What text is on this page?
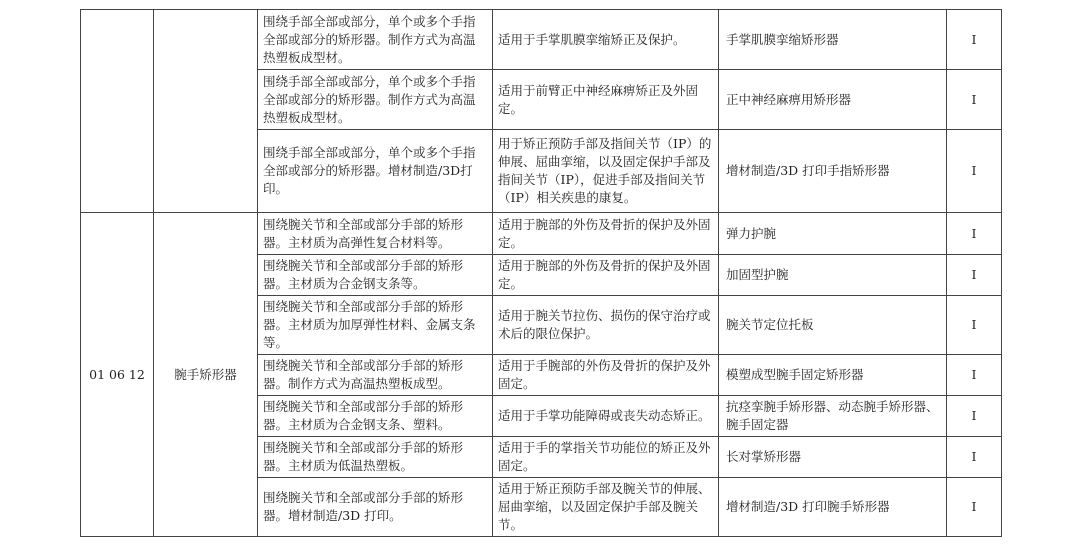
		围绕手部全部或部分，单个或多个手指全部或部分的矫形器。制作方式为高温热塑板成型材。	适用于手掌肌膜挛缩矫正及保护。	手掌肌膜挛缩矫形器	I
		围绕手部全部或部分，单个或多个手指全部或部分的矫形器。制作方式为高温热塑板成型材。	适用于前臂正中神经麻痹矫正及外固定。	正中神经麻痹用矫形器	I
		围绕手部全部或部分，单个或多个手指全部或部分的矫形器。增材制造/3D打印。	用于矫正预防手部及指间关节（IP）的伸展、屈曲挛缩，以及固定保护手部及指间关节（IP），促进手部及指间关节（IP）相关疾患的康复。	增材制造/3D 打印手指矫形器	I
01 06 12	腕手矫形器	围绕腕关节和全部或部分手部的矫形器。主材质为高弹性复合材料等。	适用于腕部的外伤及骨折的保护及外固定。	弹力护腕	I
		围绕腕关节和全部或部分手部的矫形器。主材质为合金钢支条等。	适用于腕部的外伤及骨折的保护及外固定。	加固型护腕	I
		围绕腕关节和全部或部分手部的矫形器。主材质为加厚弹性材料、金属支条等。	适用于腕关节拉伤、损伤的保守治疗或术后的限位保护。	腕关节定位托板	I
		围绕腕关节和全部或部分手部的矫形器。制作方式为高温热塑板成型。	适用于手腕部的外伤及骨折的保护及外固定。	模塑成型腕手固定矫形器	I
		围绕腕关节和全部或部分手部的矫形器。主材质为合金钢支条、塑料。	适用于手掌功能障碍或丧失动态矫正。	抗痉挛腕手矫形器、动态腕手矫形器、腕手固定器	I
		围绕腕关节和全部或部分手部的矫形器。主材质为低温热塑板。	适用于手的掌指关节功能位的矫正及外固定。	长对掌矫形器	I
		围绕腕关节和全部或部分手部的矫形器。增材制造/3D 打印。	适用于矫正预防手部及腕关节的伸展、屈曲挛缩，以及固定保护手部及腕关节。	增材制造/3D 打印腕手矫形器	I
